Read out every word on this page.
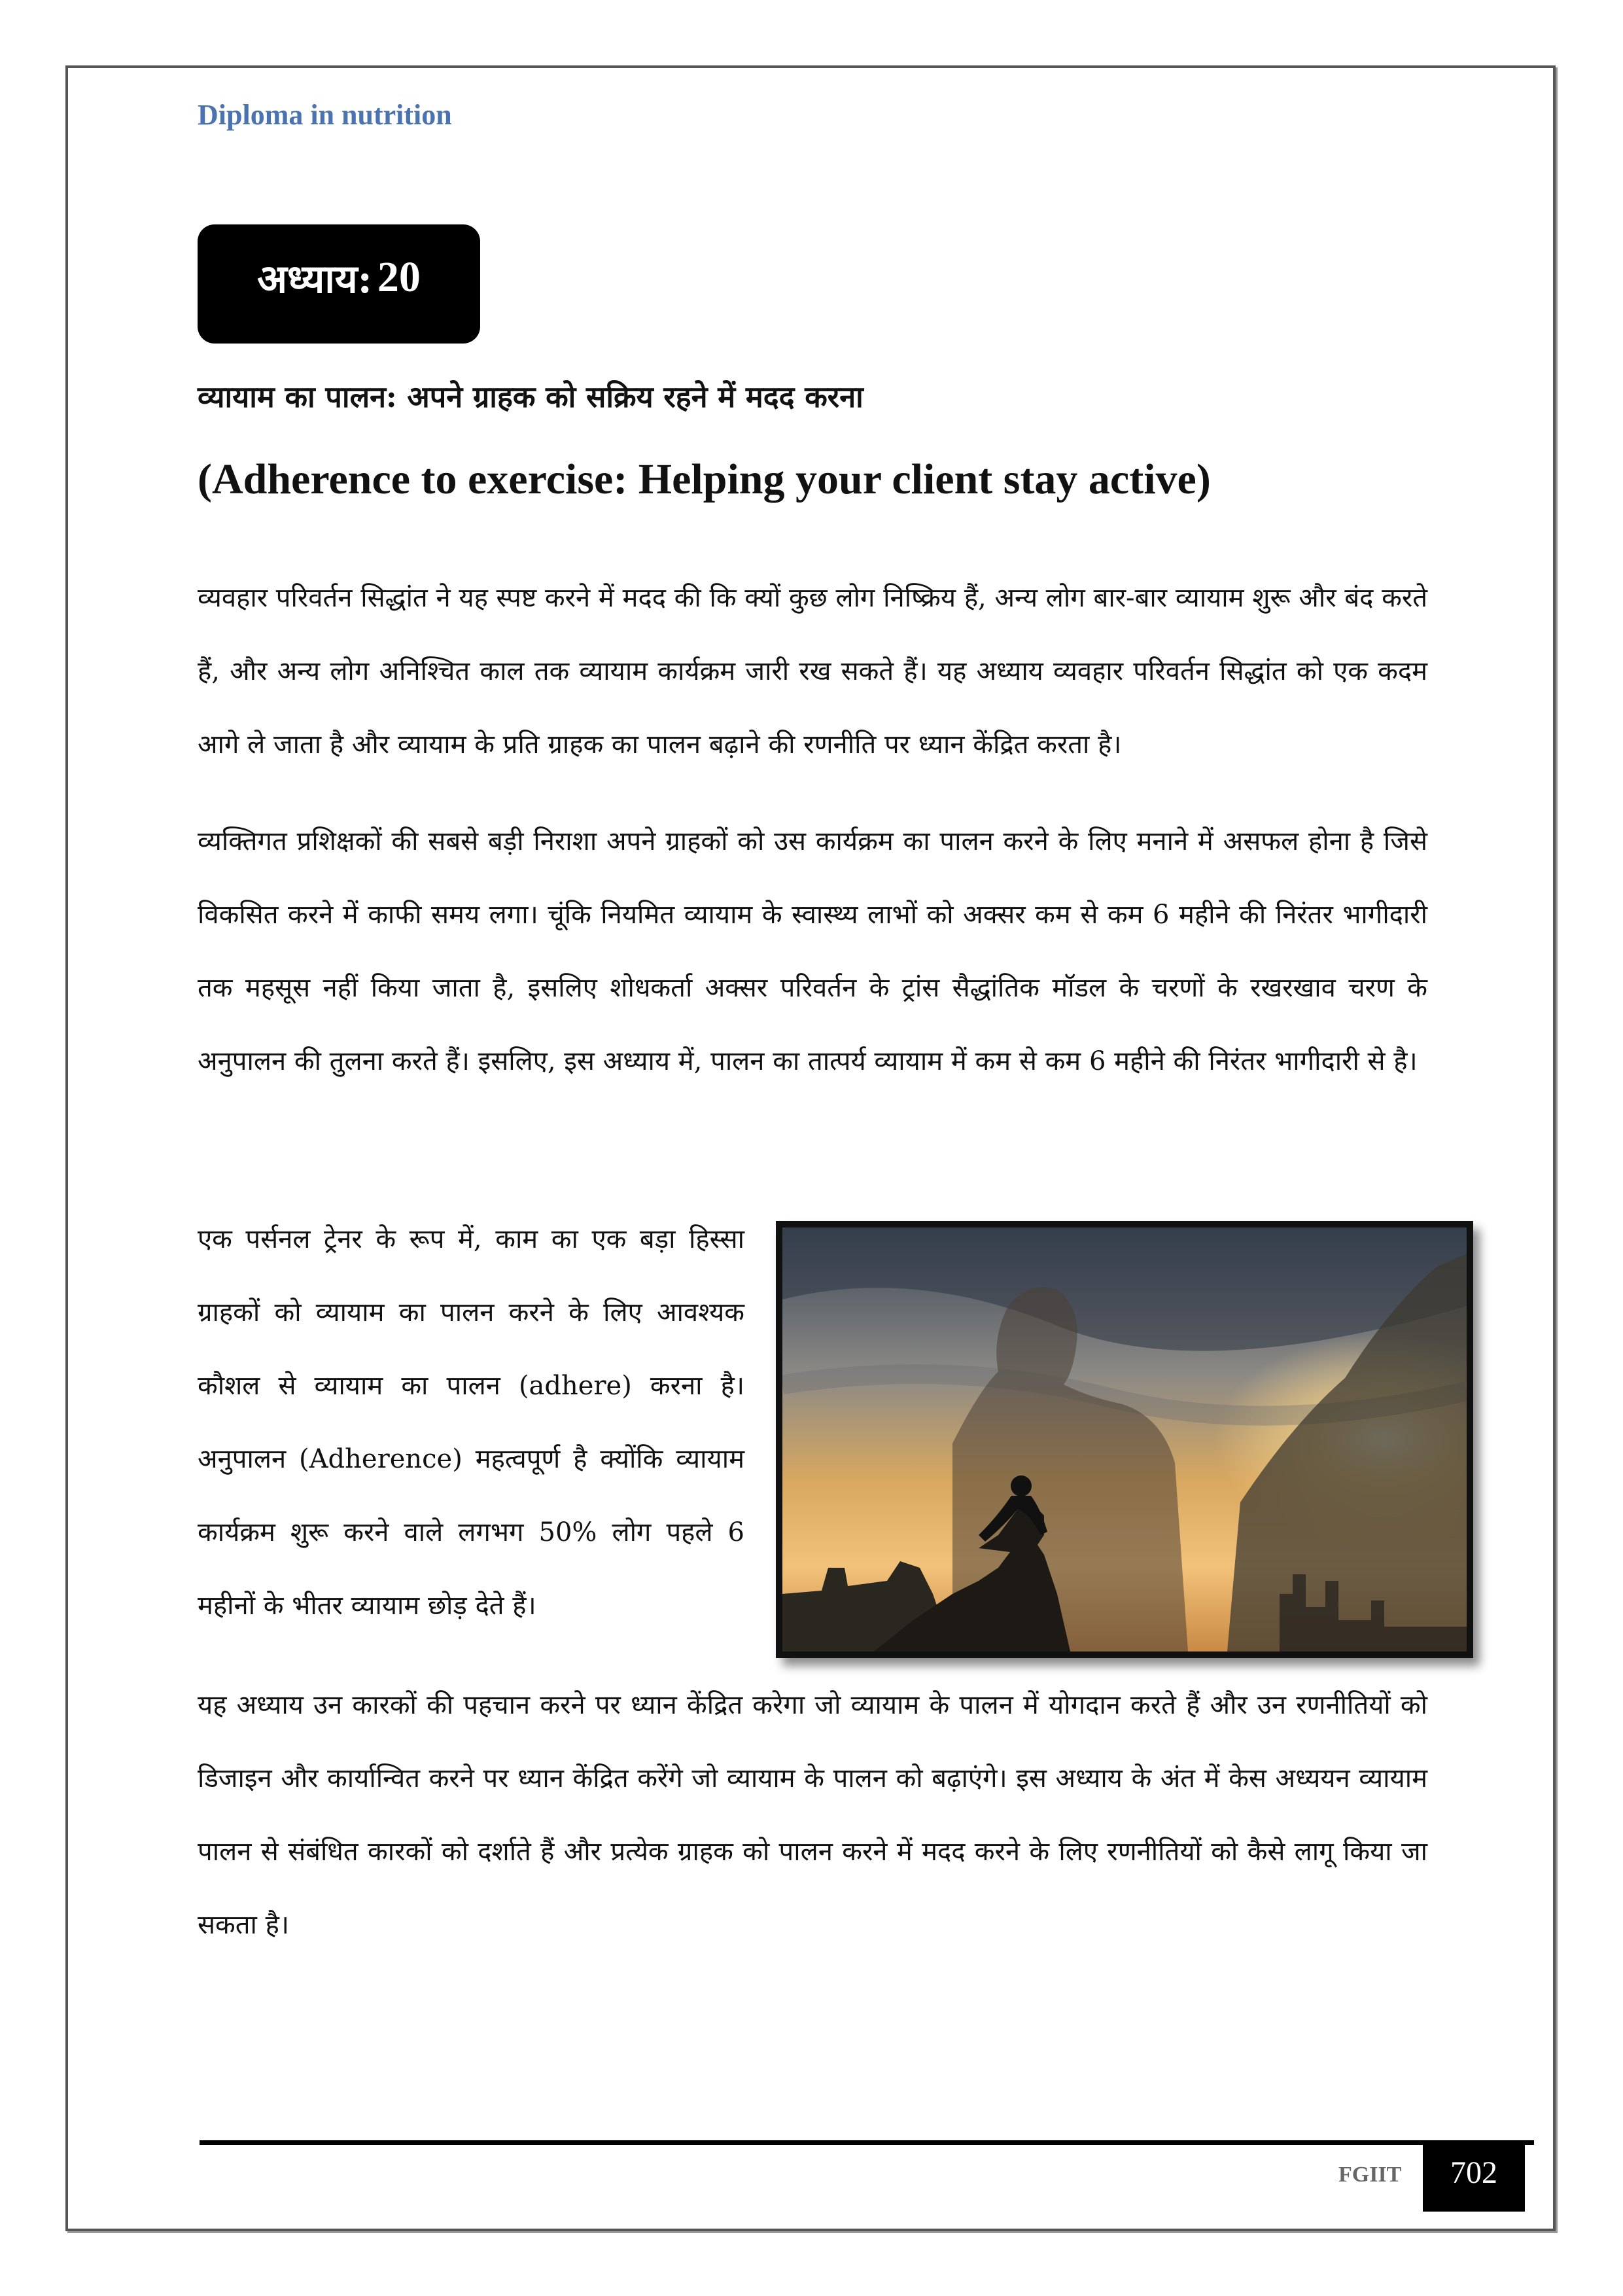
Diploma in nutrition
अध्याय: 20
व्यायाम का पालन: अपने ग्राहक को सक्रिय रहने में मदद करना
(Adherence to exercise: Helping your client stay active)

व्यवहार परिवर्तन सिद्धांत ने यह स्पष्ट करने में मदद की कि क्यों कुछ लोग निष्क्रिय हैं, अन्य लोग बार-बार व्यायाम शुरू और बंद करते हैं, और अन्य लोग अनिश्चित काल तक व्यायाम कार्यक्रम जारी रख सकते हैं। यह अध्याय व्यवहार परिवर्तन सिद्धांत को एक कदम आगे ले जाता है और व्यायाम के प्रति ग्राहक का पालन बढ़ाने की रणनीति पर ध्यान केंद्रित करता है।

व्यक्तिगत प्रशिक्षकों की सबसे बड़ी निराशा अपने ग्राहकों को उस कार्यक्रम का पालन करने के लिए मनाने में असफल होना है जिसे विकसित करने में काफी समय लगा। चूंकि नियमित व्यायाम के स्वास्थ्य लाभों को अक्सर कम से कम 6 महीने की निरंतर भागीदारी तक महसूस नहीं किया जाता है, इसलिए शोधकर्ता अक्सर परिवर्तन के ट्रांस सैद्धांतिक मॉडल के चरणों के रखरखाव चरण के अनुपालन की तुलना करते हैं। इसलिए, इस अध्याय में, पालन का तात्पर्य व्यायाम में कम से कम 6 महीने की निरंतर भागीदारी से है।

एक पर्सनल ट्रेनर के रूप में, काम का एक बड़ा हिस्सा ग्राहकों को व्यायाम का पालन करने के लिए आवश्यक कौशल से व्यायाम का पालन (adhere) करना है। अनुपालन (Adherence) महत्वपूर्ण है क्योंकि व्यायाम कार्यक्रम शुरू करने वाले लगभग 50% लोग पहले 6 महीनों के भीतर व्यायाम छोड़ देते हैं।

यह अध्याय उन कारकों की पहचान करने पर ध्यान केंद्रित करेगा जो व्यायाम के पालन में योगदान करते हैं और उन रणनीतियों को डिजाइन और कार्यान्वित करने पर ध्यान केंद्रित करेंगे जो व्यायाम के पालन को बढ़ाएंगे। इस अध्याय के अंत में केस अध्ययन व्यायाम पालन से संबंधित कारकों को दर्शाते हैं और प्रत्येक ग्राहक को पालन करने में मदद करने के लिए रणनीतियों को कैसे लागू किया जा सकता है।

FGIIT	702
